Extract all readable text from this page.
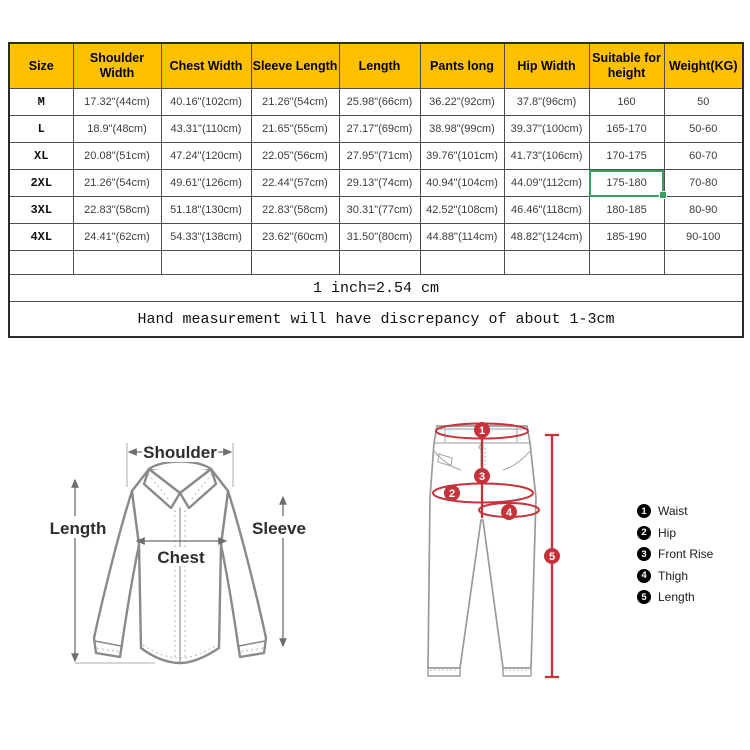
Size	Shoulder Width	Chest Width	Sleeve Length	Length	Pants long	Hip Width	Suitable for height	Weight(KG)
M	17.32"(44cm)	40.16"(102cm)	21.26"(54cm)	25.98"(66cm)	36.22"(92cm)	37.8"(96cm)	160	50
L	18.9"(48cm)	43.31"(110cm)	21.65"(55cm)	27.17"(69cm)	38.98"(99cm)	39.37"(100cm)	165-170	50-60
XL	20.08"(51cm)	47.24"(120cm)	22.05"(56cm)	27.95"(71cm)	39.76"(101cm)	41.73"(106cm)	170-175	60-70
2XL	21.26"(54cm)	49.61"(126cm)	22.44"(57cm)	29.13"(74cm)	40.94"(104cm)	44.09"(112cm)	175-180	70-80
3XL	22.83"(58cm)	51.18"(130cm)	22.83"(58cm)	30.31"(77cm)	42.52"(108cm)	46.46"(118cm)	180-185	80-90
4XL	24.41"(62cm)	54.33"(138cm)	23.62"(60cm)	31.50"(80cm)	44.88"(114cm)	48.82"(124cm)	185-190	90-100

1 inch=2.54 cm								
Hand measurement will have discrepancy of about 1-3cm								
Shoulder
Length
Chest
Sleeve
1
2
3
4
5
1 Waist
2 Hip
3 Front Rise
4 Thigh
5 Length
